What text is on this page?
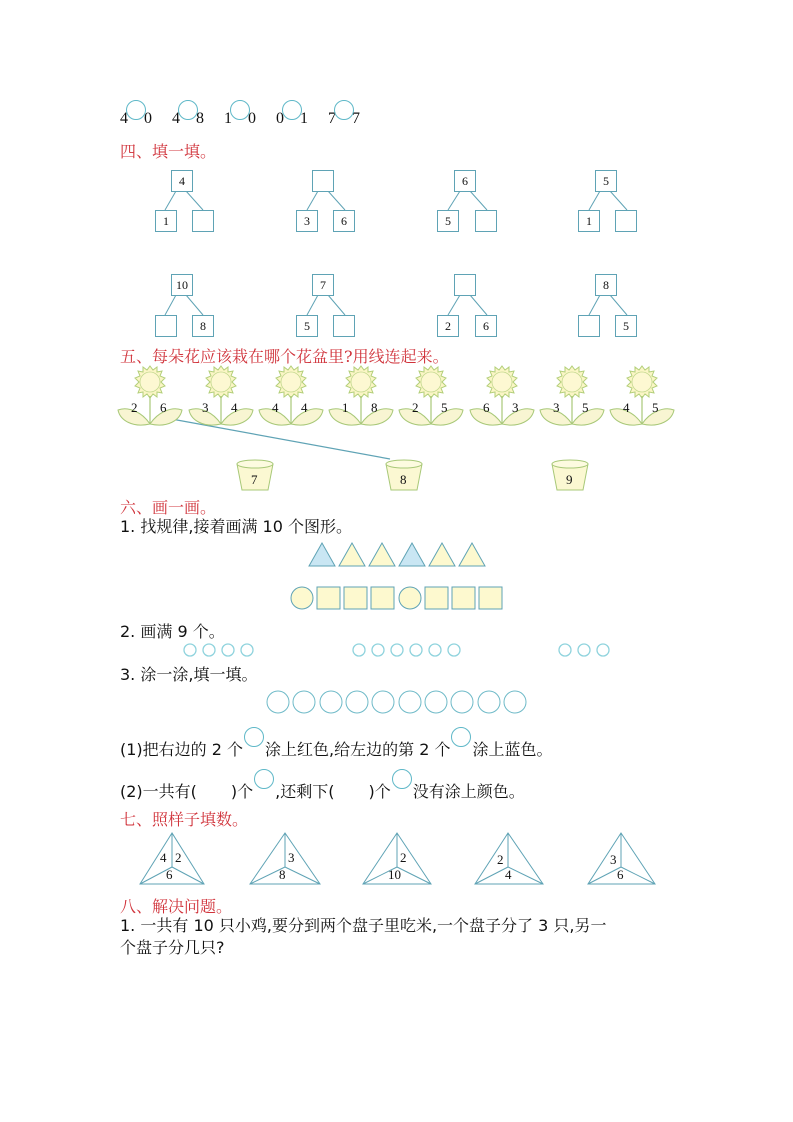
4 0 4 8 1 0 0 1 7 7
四、填一填。
4
1	3	6
6
5
5
1
10
8
7
5	2	6
8
5
五、每朵花应该栽在哪个花盆里?用线连起来。
2 6	3 4	4 4	1 8	2 5	6 3	3 5	4 5
7	8	9
六、画一画。
1. 找规律,接着画满 10 个图形。
2. 画满 9 个。
3. 涂一涂,填一填。
(1)把右边的 2 个 涂上红色,给左边的第 2 个 涂上蓝色。
(2)一共有( )个 ,还剩下( )个 没有涂上颜色。
七、照样子填数。
4 2
6
3
8
2
10
2
4
3
6
八、解决问题。
1. 一共有 10 只小鸡,要分到两个盘子里吃米,一个盘子分了 3 只,另一
个盘子分几只?
